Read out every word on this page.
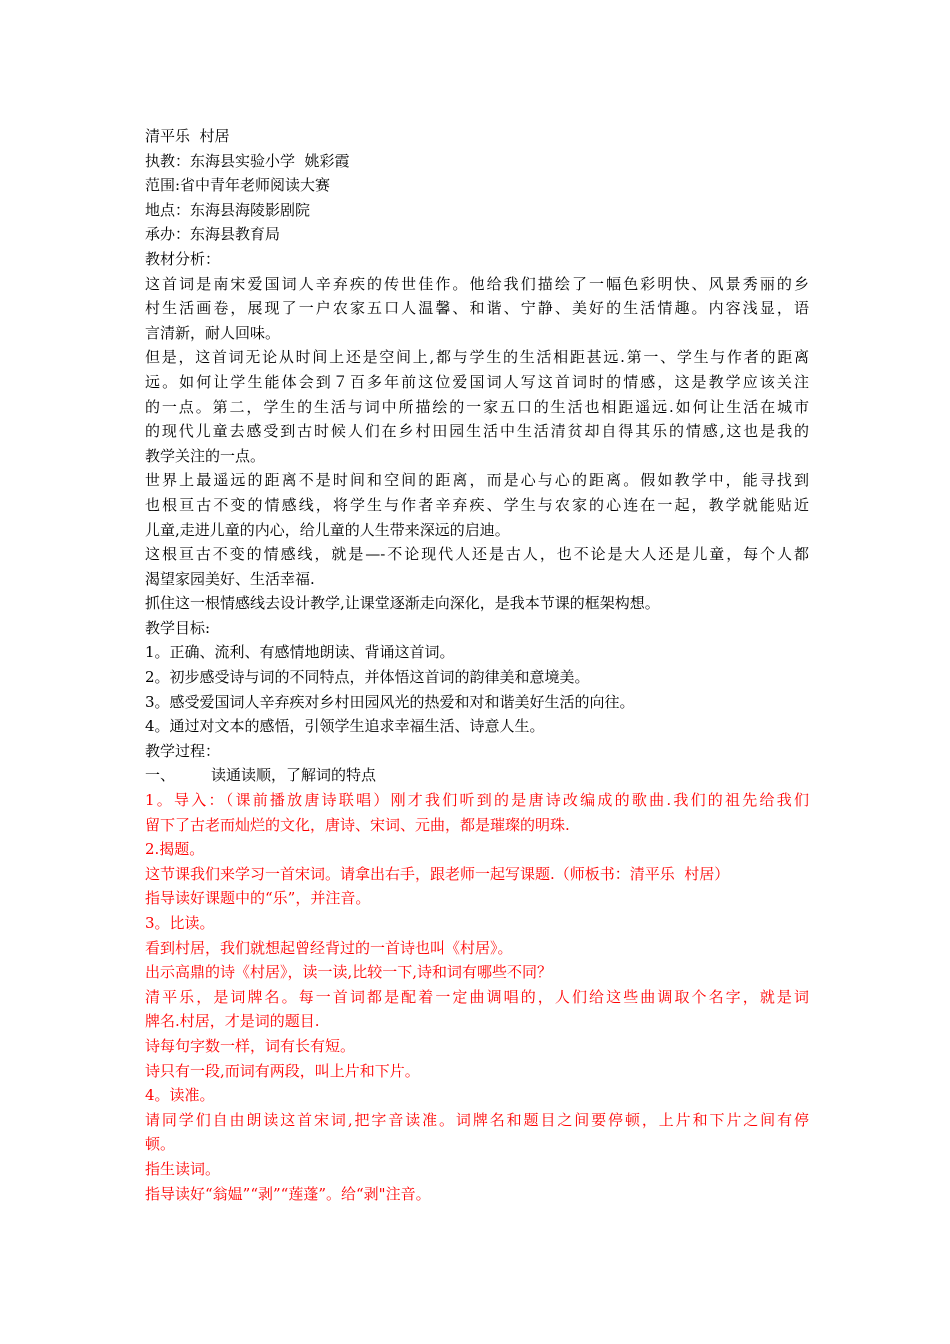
清平乐  村居
执教：东海县实验小学  姚彩霞
范围:省中青年老师阅读大赛
地点：东海县海陵影剧院
承办：东海县教育局
教材分析：
这首词是南宋爱国词人辛弃疾的传世佳作。他给我们描绘了一幅色彩明快、风景秀丽的乡
村生活画卷，展现了一户农家五口人温馨、和谐、宁静、美好的生活情趣。内容浅显，语
言清新，耐人回味。
但是，这首词无论从时间上还是空间上,都与学生的生活相距甚远.第一、学生与作者的距离
远。如何让学生能体会到７百多年前这位爱国词人写这首词时的情感，这是教学应该关注
的一点。第二，学生的生活与词中所描绘的一家五口的生活也相距遥远.如何让生活在城市
的现代儿童去感受到古时候人们在乡村田园生活中生活清贫却自得其乐的情感,这也是我的
教学关注的一点。
世界上最遥远的距离不是时间和空间的距离，而是心与心的距离。假如教学中，能寻找到
也根亘古不变的情感线，将学生与作者辛弃疾、学生与农家的心连在一起，教学就能贴近
儿童,走进儿童的内心，给儿童的人生带来深远的启迪。
这根亘古不变的情感线，就是—-不论现代人还是古人，也不论是大人还是儿童，每个人都
渴望家园美好、生活幸福.
抓住这一根情感线去设计教学,让课堂逐渐走向深化，是我本节课的框架构想。
教学目标:
1。正确、流利、有感情地朗读、背诵这首词。
2。初步感受诗与词的不同特点，并体悟这首词的韵律美和意境美。
3。感受爱国词人辛弃疾对乡村田园风光的热爱和对和谐美好生活的向往。
4。通过对文本的感悟，引领学生追求幸福生活、诗意人生。
教学过程：
一、 读通读顺，了解词的特点
1。导入：（课前播放唐诗联唱）刚才我们听到的是唐诗改编成的歌曲.我们的祖先给我们
留下了古老而灿烂的文化，唐诗、宋词、元曲，都是璀璨的明珠.
2.揭题。
这节课我们来学习一首宋词。请拿出右手，跟老师一起写课题.（师板书：清平乐  村居）
指导读好课题中的“乐”，并注音。
3。比读。
看到村居，我们就想起曾经背过的一首诗也叫《村居》。
出示高鼎的诗《村居》，读一读,比较一下,诗和词有哪些不同？
清平乐，是词牌名。每一首词都是配着一定曲调唱的，人们给这些曲调取个名字，就是词
牌名.村居，才是词的题目.
诗每句字数一样，词有长有短。
诗只有一段,而词有两段，叫上片和下片。
4。读准。
请同学们自由朗读这首宋词,把字音读准。词牌名和题目之间要停顿，上片和下片之间有停
顿。
指生读词。
指导读好“翁媪”“剥”“莲蓬”。给“剥"注音。
